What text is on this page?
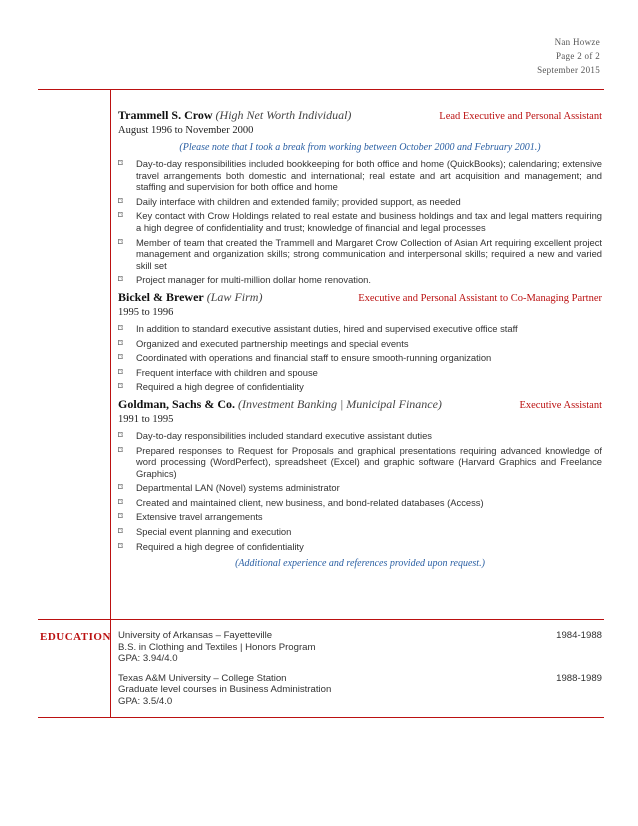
Nan Howze
Page 2 of 2
September 2015
Trammell S. Crow (High Net Worth Individual)	Lead Executive and Personal Assistant
August 1996 to November 2000
(Please note that I took a break from working between October 2000 and February 2001.)
⌑ Day-to-day responsibilities included bookkeeping for both office and home (QuickBooks); calendaring; extensive travel arrangements both domestic and international; real estate and art acquisition and management; and staffing and supervision for both office and home
⌑ Daily interface with children and extended family; provided support, as needed
⌑ Key contact with Crow Holdings related to real estate and business holdings and tax and legal matters requiring a high degree of confidentiality and trust; knowledge of financial and legal processes
⌑ Member of team that created the Trammell and Margaret Crow Collection of Asian Art requiring excellent project management and organization skills; strong communication and interpersonal skills; required a new and varied skill set
⌑ Project manager for multi-million dollar home renovation.
Bickel & Brewer (Law Firm)	Executive and Personal Assistant to Co-Managing Partner
1995 to 1996
⌑ In addition to standard executive assistant duties, hired and supervised executive office staff
⌑ Organized and executed partnership meetings and special events
⌑ Coordinated with operations and financial staff to ensure smooth-running organization
⌑ Frequent interface with children and spouse
⌑ Required a high degree of confidentiality
Goldman, Sachs & Co. (Investment Banking | Municipal Finance)	Executive Assistant
1991 to 1995
⌑ Day-to-day responsibilities included standard executive assistant duties
⌑ Prepared responses to Request for Proposals and graphical presentations requiring advanced knowledge of word processing (WordPerfect), spreadsheet (Excel) and graphic software (Harvard Graphics and Freelance Graphics)
⌑ Departmental LAN (Novel) systems administrator
⌑ Created and maintained client, new business, and bond-related databases (Access)
⌑ Extensive travel arrangements
⌑ Special event planning and execution
⌑ Required a high degree of confidentiality
(Additional experience and references provided upon request.)
EDUCATION University of Arkansas – Fayetteville	1984-1988
B.S. in Clothing and Textiles | Honors Program
GPA: 3.94/4.0
Texas A&M University – College Station	1988-1989
Graduate level courses in Business Administration
GPA: 3.5/4.0
